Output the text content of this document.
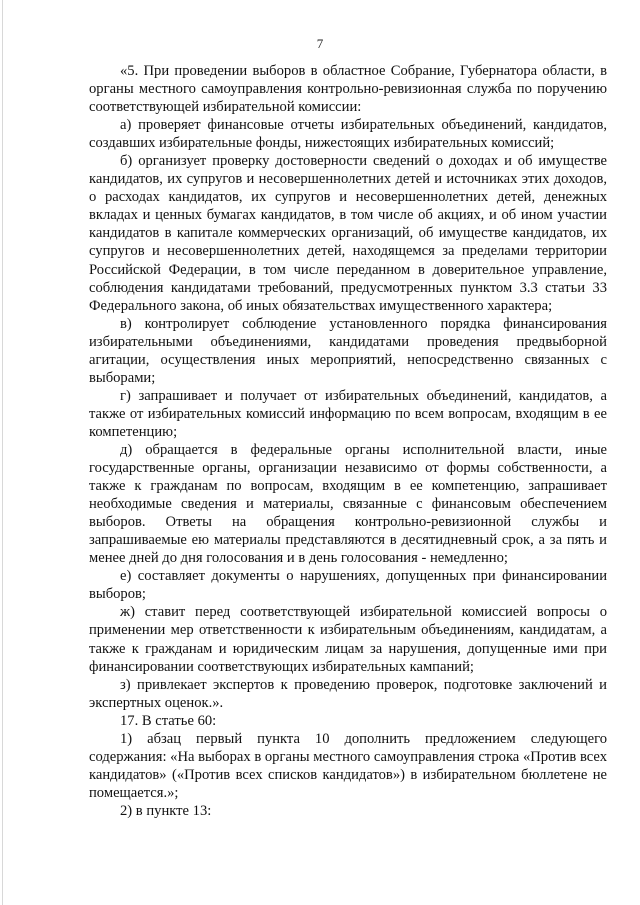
7

«5. При проведении выборов в областное Собрание, Губернатора области, в органы местного самоуправления контрольно-ревизионная служба по поручению соответствующей избирательной комиссии:

а) проверяет финансовые отчеты избирательных объединений, кандидатов, создавших избирательные фонды, нижестоящих избирательных комиссий;

б) организует проверку достоверности сведений о доходах и об имуществе кандидатов, их супругов и несовершеннолетних детей и источниках этих доходов, о расходах кандидатов, их супругов и несовершеннолетних детей, денежных вкладах и ценных бумагах кандидатов, в том числе об акциях, и об ином участии кандидатов в капитале коммерческих организаций, об имуществе кандидатов, их супругов и несовершеннолетних детей, находящемся за пределами территории Российской Федерации, в том числе переданном в доверительное управление, соблюдения кандидатами требований, предусмотренных пунктом 3.3 статьи 33 Федерального закона, об иных обязательствах имущественного характера;

в) контролирует соблюдение установленного порядка финансирования избирательными объединениями, кандидатами проведения предвыборной агитации, осуществления иных мероприятий, непосредственно связанных с выборами;

г) запрашивает и получает от избирательных объединений, кандидатов, а также от избирательных комиссий информацию по всем вопросам, входящим в ее компетенцию;

д) обращается в федеральные органы исполнительной власти, иные государственные органы, организации независимо от формы собственности, а также к гражданам по вопросам, входящим в ее компетенцию, запрашивает необходимые сведения и материалы, связанные с финансовым обеспечением выборов. Ответы на обращения контрольно-ревизионной службы и запрашиваемые ею материалы представляются в десятидневный срок, а за пять и менее дней до дня голосования и в день голосования - немедленно;

е) составляет документы о нарушениях, допущенных при финансировании выборов;

ж) ставит перед соответствующей избирательной комиссией вопросы о применении мер ответственности к избирательным объединениям, кандидатам, а также к гражданам и юридическим лицам за нарушения, допущенные ими при финансировании соответствующих избирательных кампаний;

з) привлекает экспертов к проведению проверок, подготовке заключений и экспертных оценок.».

17. В статье 60:

1) абзац первый пункта 10 дополнить предложением следующего содержания: «На выборах в органы местного самоуправления строка «Против всех кандидатов» («Против всех списков кандидатов») в избирательном бюллетене не помещается.»;

2) в пункте 13:
